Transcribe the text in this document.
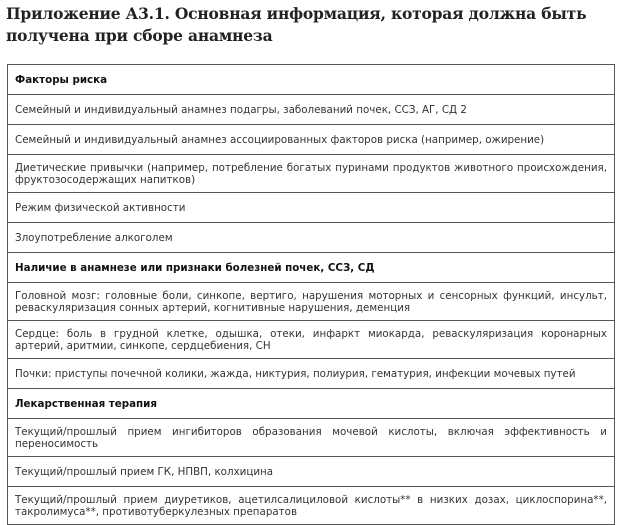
Приложение А3.1. Основная информация, которая должна быть получена при сборе анамнеза
Факторы риска
Семейный и индивидуальный анамнез подагры, заболеваний почек, ССЗ, АГ, СД 2
Семейный и индивидуальный анамнез ассоциированных факторов риска (например, ожирение)
Диетические привычки (например, потребление богатых пуринами продуктов животного происхождения, фруктозосодержащих напитков)
Режим физической активности
Злоупотребление алкоголем
Наличие в анамнезе или признаки болезней почек, ССЗ, СД
Головной мозг: головные боли, синкопе, вертиго, нарушения моторных и сенсорных функций, инсульт, реваскуляризация сонных артерий, когнитивные нарушения, деменция
Сердце: боль в грудной клетке, одышка, отеки, инфаркт миокарда, реваскуляризация коронарных артерий, аритмии, синкопе, сердцебиения, СН
Почки: приступы почечной колики, жажда, никтурия, полиурия, гематурия, инфекции мочевых путей
Лекарственная терапия
Текущий/прошлый прием ингибиторов образования мочевой кислоты, включая эффективность и переносимость
Текущий/прошлый прием ГК, НПВП, колхицина
Текущий/прошлый прием диуретиков, ацетилсалициловой кислоты** в низких дозах, циклоспорина**, такролимуса**, противотуберкулезных препаратов
